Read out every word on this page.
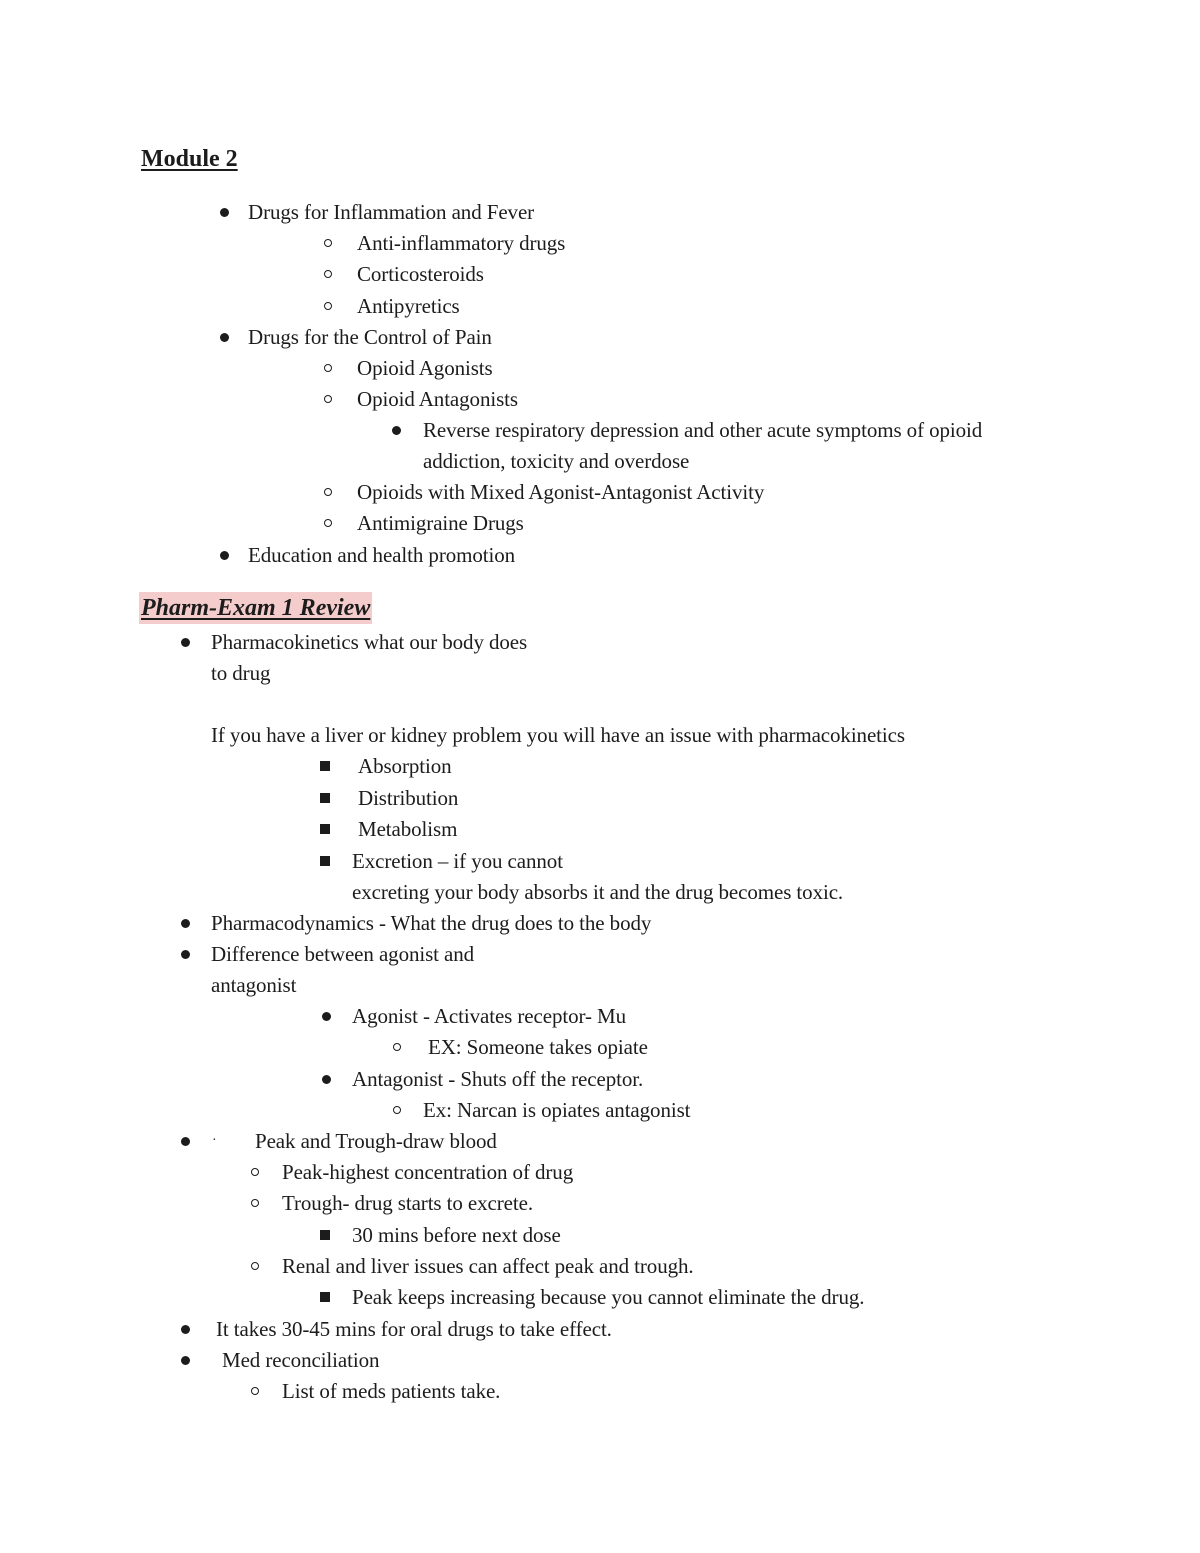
Module 2
Drugs for Inflammation and Fever
Anti-inflammatory drugs
Corticosteroids
Antipyretics
Drugs for the Control of Pain
Opioid Agonists
Opioid Antagonists
Reverse respiratory depression and other acute symptoms of opioid
addiction, toxicity and overdose
Opioids with Mixed Agonist-Antagonist Activity
Antimigraine Drugs
Education and health promotion
Pharm-Exam 1 Review
Pharmacokinetics what our body does
to drug
If you have a liver or kidney problem you will have an issue with pharmacokinetics
Absorption
Distribution
Metabolism
Excretion – if you cannot
excreting your body absorbs it and the drug becomes toxic.
Pharmacodynamics - What the drug does to the body
Difference between agonist and
antagonist
Agonist - Activates receptor- Mu
EX: Someone takes opiate
Antagonist - Shuts off the receptor.
Ex: Narcan is opiates antagonist
· Peak and Trough-draw blood
Peak-highest concentration of drug
Trough- drug starts to excrete.
30 mins before next dose
Renal and liver issues can affect peak and trough.
Peak keeps increasing because you cannot eliminate the drug.
It takes 30-45 mins for oral drugs to take effect.
Med reconciliation
List of meds patients take.
